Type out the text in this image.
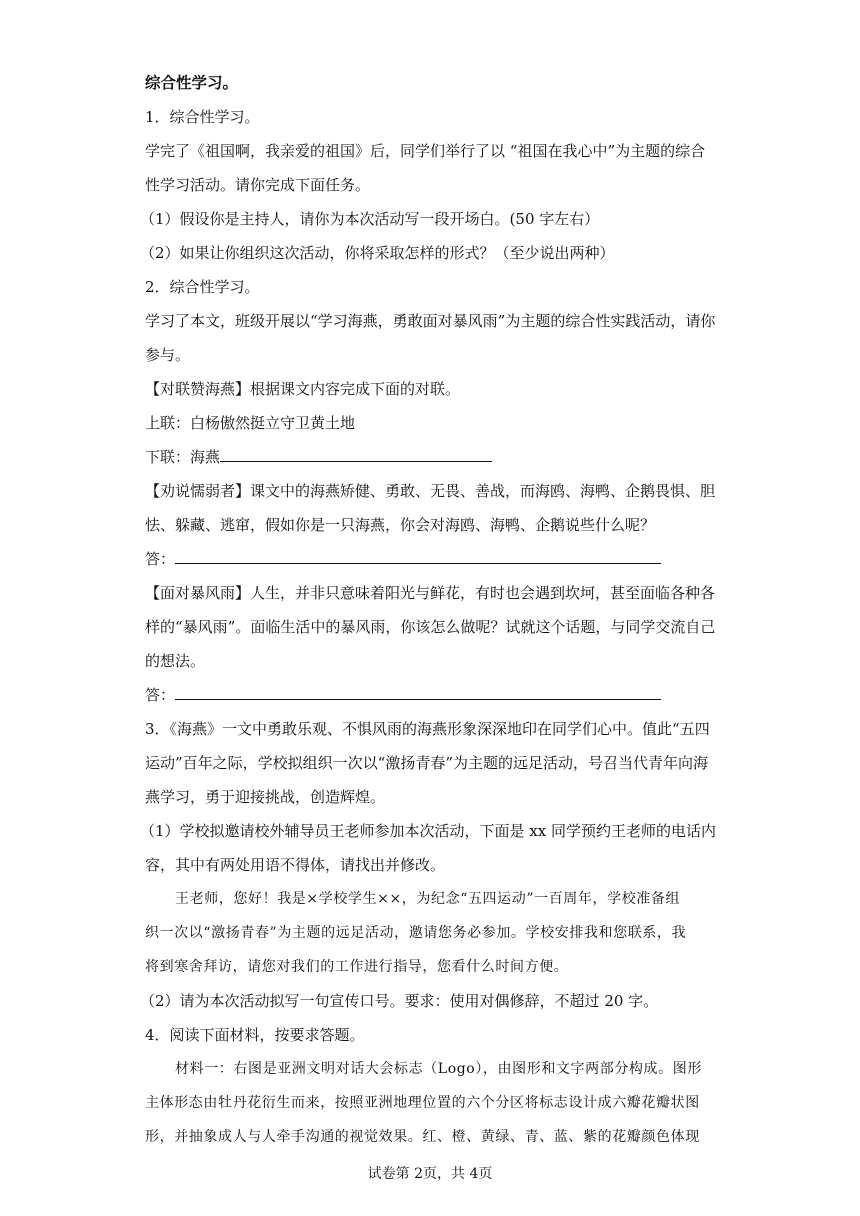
综合性学习。
1．综合性学习。
学完了《祖国啊，我亲爱的祖国》后，同学们举行了以 “祖国在我心中”为主题的综合
性学习活动。请你完成下面任务。
（1）假设你是主持人，请你为本次活动写一段开场白。(50 字左右）
（2）如果让你组织这次活动，你将采取怎样的形式？（至少说出两种）
2．综合性学习。
学习了本文，班级开展以“学习海燕，勇敢面对暴风雨”为主题的综合性实践活动，请你
参与。
【对联赞海燕】根据课文内容完成下面的对联。
上联：白杨傲然挺立守卫黄土地
下联：海燕
【劝说懦弱者】课文中的海燕矫健、勇敢、无畏、善战，而海鸥、海鸭、企鹅畏惧、胆
怯、躲藏、逃窜，假如你是一只海燕，你会对海鸥、海鸭、企鹅说些什么呢？
答：
【面对暴风雨】人生，并非只意味着阳光与鲜花，有时也会遇到坎坷，甚至面临各种各
样的“暴风雨”。面临生活中的暴风雨，你该怎么做呢？试就这个话题，与同学交流自己
的想法。
答：
3．《海燕》一文中勇敢乐观、不惧风雨的海燕形象深深地印在同学们心中。值此“五四
运动”百年之际，学校拟组织一次以“激扬青春”为主题的远足活动，号召当代青年向海
燕学习，勇于迎接挑战，创造辉煌。
（1）学校拟邀请校外辅导员王老师参加本次活动，下面是 xx 同学预约王老师的电话内
容，其中有两处用语不得体，请找出并修改。
王老师，您好！我是×学校学生××，为纪念“五四运动”一百周年，学校准备组
织一次以“激扬青春”为主题的远足活动，邀请您务必参加。学校安排我和您联系，我
将到寒舍拜访，请您对我们的工作进行指导，您看什么时间方便。
（2）请为本次活动拟写一句宣传口号。要求：使用对偶修辞，不超过 20 字。
4．阅读下面材料，按要求答题。
材料一：右图是亚洲文明对话大会标志（Logo），由图形和文字两部分构成。图形
主体形态由牡丹花衍生而来，按照亚洲地理位置的六个分区将标志设计成六瓣花瓣状图
形，并抽象成人与人牵手沟通的视觉效果。红、橙、黄绿、青、蓝、紫的花瓣颜色体现
试卷第 2页，共 4页
